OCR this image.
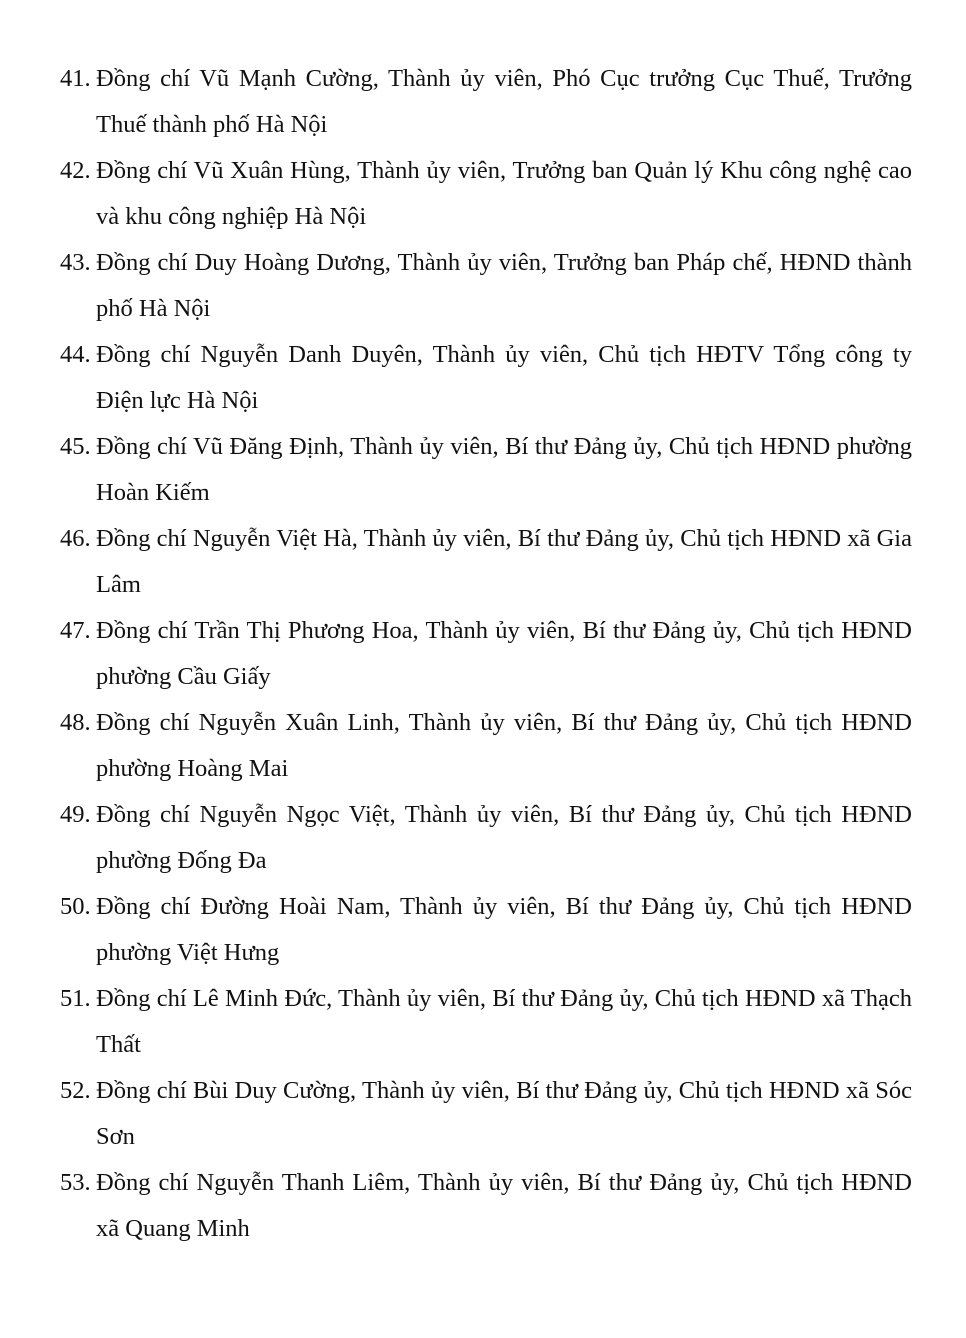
41. Đồng chí Vũ Mạnh Cường, Thành ủy viên, Phó Cục trưởng Cục Thuế, Trưởng Thuế thành phố Hà Nội
42. Đồng chí Vũ Xuân Hùng, Thành ủy viên, Trưởng ban Quản lý Khu công nghệ cao và khu công nghiệp Hà Nội
43. Đồng chí Duy Hoàng Dương, Thành ủy viên, Trưởng ban Pháp chế, HĐND thành phố Hà Nội
44. Đồng chí Nguyễn Danh Duyên, Thành ủy viên, Chủ tịch HĐTV Tổng công ty Điện lực Hà Nội
45. Đồng chí Vũ Đăng Định, Thành ủy viên, Bí thư Đảng ủy, Chủ tịch HĐND phường Hoàn Kiếm
46. Đồng chí Nguyễn Việt Hà, Thành ủy viên, Bí thư Đảng ủy, Chủ tịch HĐND xã Gia Lâm
47. Đồng chí Trần Thị Phương Hoa, Thành ủy viên, Bí thư Đảng ủy, Chủ tịch HĐND phường Cầu Giấy
48. Đồng chí Nguyễn Xuân Linh, Thành ủy viên, Bí thư Đảng ủy, Chủ tịch HĐND phường Hoàng Mai
49. Đồng chí Nguyễn Ngọc Việt, Thành ủy viên, Bí thư Đảng ủy, Chủ tịch HĐND phường Đống Đa
50. Đồng chí Đường Hoài Nam, Thành ủy viên, Bí thư Đảng ủy, Chủ tịch HĐND phường Việt Hưng
51. Đồng chí Lê Minh Đức, Thành ủy viên, Bí thư Đảng ủy, Chủ tịch HĐND xã Thạch Thất
52. Đồng chí Bùi Duy Cường, Thành ủy viên, Bí thư Đảng ủy, Chủ tịch HĐND xã Sóc Sơn
53. Đồng chí Nguyễn Thanh Liêm, Thành ủy viên, Bí thư Đảng ủy, Chủ tịch HĐND xã Quang Minh
